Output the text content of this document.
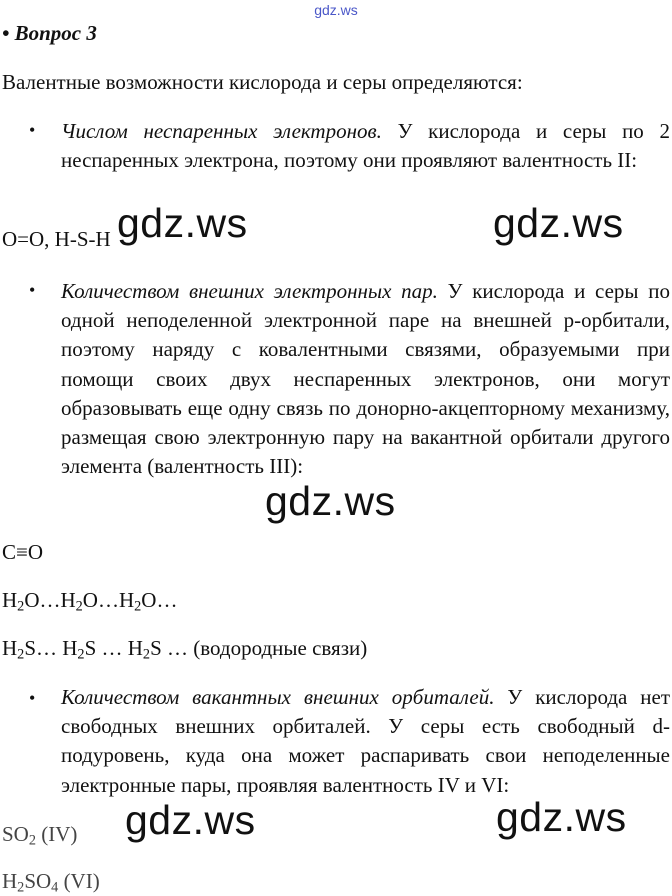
gdz.ws
• Вопрос 3
Валентные возможности кислорода и серы определяются:
• Числом неспаренных электронов. У кислорода и серы по 2 неспаренных электрона, поэтому они проявляют валентность II:
O=O, H-S-H
• Количеством внешних электронных пар. У кислорода и серы по одной неподеленной электронной паре на внешней p-орбитали, поэтому наряду с ковалентными связями, образуемыми при помощи своих двух неспаренных электронов, они могут образовывать еще одну связь по донорно-акцепторному механизму, размещая свою электронную пару на вакантной орбитали другого элемента (валентность III):
C≡O
$H_2O\dots H_2O\dots H_2O\dots$
$H_2S\dots$ $H_2S$ … $H_2S$ … (водородные связи)
• Количеством вакантных внешних орбиталей. У кислорода нет свободных внешних орбиталей. У серы есть свободный d-подуровень, куда она может распаривать свои неподеленные электронные пары, проявляя валентность IV и VI:
$SO_2$ (IV)
$H_2SO_4$ (VI)
gdz.ws	gdz.ws
gdz.ws
gdz.ws	gdz.ws
